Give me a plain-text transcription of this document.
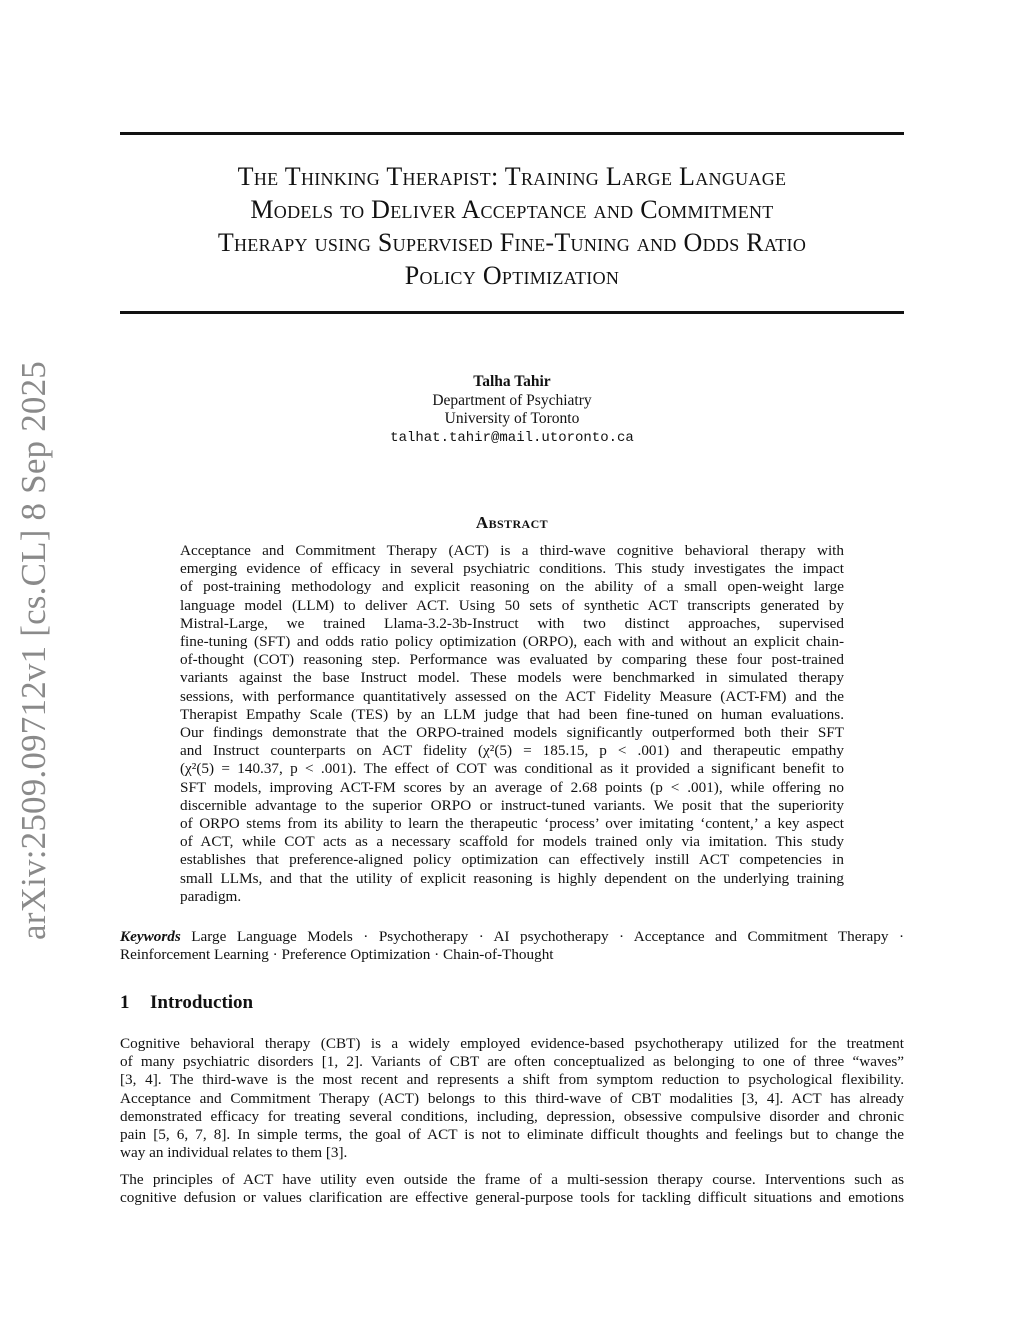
arXiv:2509.09712v1 [cs.CL] 8 Sep 2025
The Thinking Therapist: Training Large Language
Models to Deliver Acceptance and Commitment
Therapy using Supervised Fine-Tuning and Odds Ratio
Policy Optimization
Talha Tahir
Department of Psychiatry
University of Toronto
talhat.tahir@mail.utoronto.ca
Abstract
Acceptance and Commitment Therapy (ACT) is a third-wave cognitive behavioral therapy with
emerging evidence of efficacy in several psychiatric conditions. This study investigates the impact
of post-training methodology and explicit reasoning on the ability of a small open-weight large
language model (LLM) to deliver ACT. Using 50 sets of synthetic ACT transcripts generated by
Mistral-Large, we trained Llama-3.2-3b-Instruct with two distinct approaches, supervised
fine-tuning (SFT) and odds ratio policy optimization (ORPO), each with and without an explicit chain-
of-thought (COT) reasoning step. Performance was evaluated by comparing these four post-trained
variants against the base Instruct model. These models were benchmarked in simulated therapy
sessions, with performance quantitatively assessed on the ACT Fidelity Measure (ACT-FM) and the
Therapist Empathy Scale (TES) by an LLM judge that had been fine-tuned on human evaluations.
Our findings demonstrate that the ORPO-trained models significantly outperformed both their SFT
and Instruct counterparts on ACT fidelity (χ²(5) = 185.15, p < .001) and therapeutic empathy
(χ²(5) = 140.37, p < .001). The effect of COT was conditional as it provided a significant benefit to
SFT models, improving ACT-FM scores by an average of 2.68 points (p < .001), while offering no
discernible advantage to the superior ORPO or instruct-tuned variants. We posit that the superiority
of ORPO stems from its ability to learn the therapeutic ‘process’ over imitating ‘content,’ a key aspect
of ACT, while COT acts as a necessary scaffold for models trained only via imitation. This study
establishes that preference-aligned policy optimization can effectively instill ACT competencies in
small LLMs, and that the utility of explicit reasoning is highly dependent on the underlying training
paradigm.
Keywords Large Language Models · Psychotherapy · AI psychotherapy · Acceptance and Commitment Therapy ·
Reinforcement Learning · Preference Optimization · Chain-of-Thought
1 Introduction
Cognitive behavioral therapy (CBT) is a widely employed evidence-based psychotherapy utilized for the treatment
of many psychiatric disorders [1, 2]. Variants of CBT are often conceptualized as belonging to one of three “waves”
[3, 4]. The third-wave is the most recent and represents a shift from symptom reduction to psychological flexibility.
Acceptance and Commitment Therapy (ACT) belongs to this third-wave of CBT modalities [3, 4]. ACT has already
demonstrated efficacy for treating several conditions, including, depression, obsessive compulsive disorder and chronic
pain [5, 6, 7, 8]. In simple terms, the goal of ACT is not to eliminate difficult thoughts and feelings but to change the
way an individual relates to them [3].
The principles of ACT have utility even outside the frame of a multi-session therapy course. Interventions such as
cognitive defusion or values clarification are effective general-purpose tools for tackling difficult situations and emotions
